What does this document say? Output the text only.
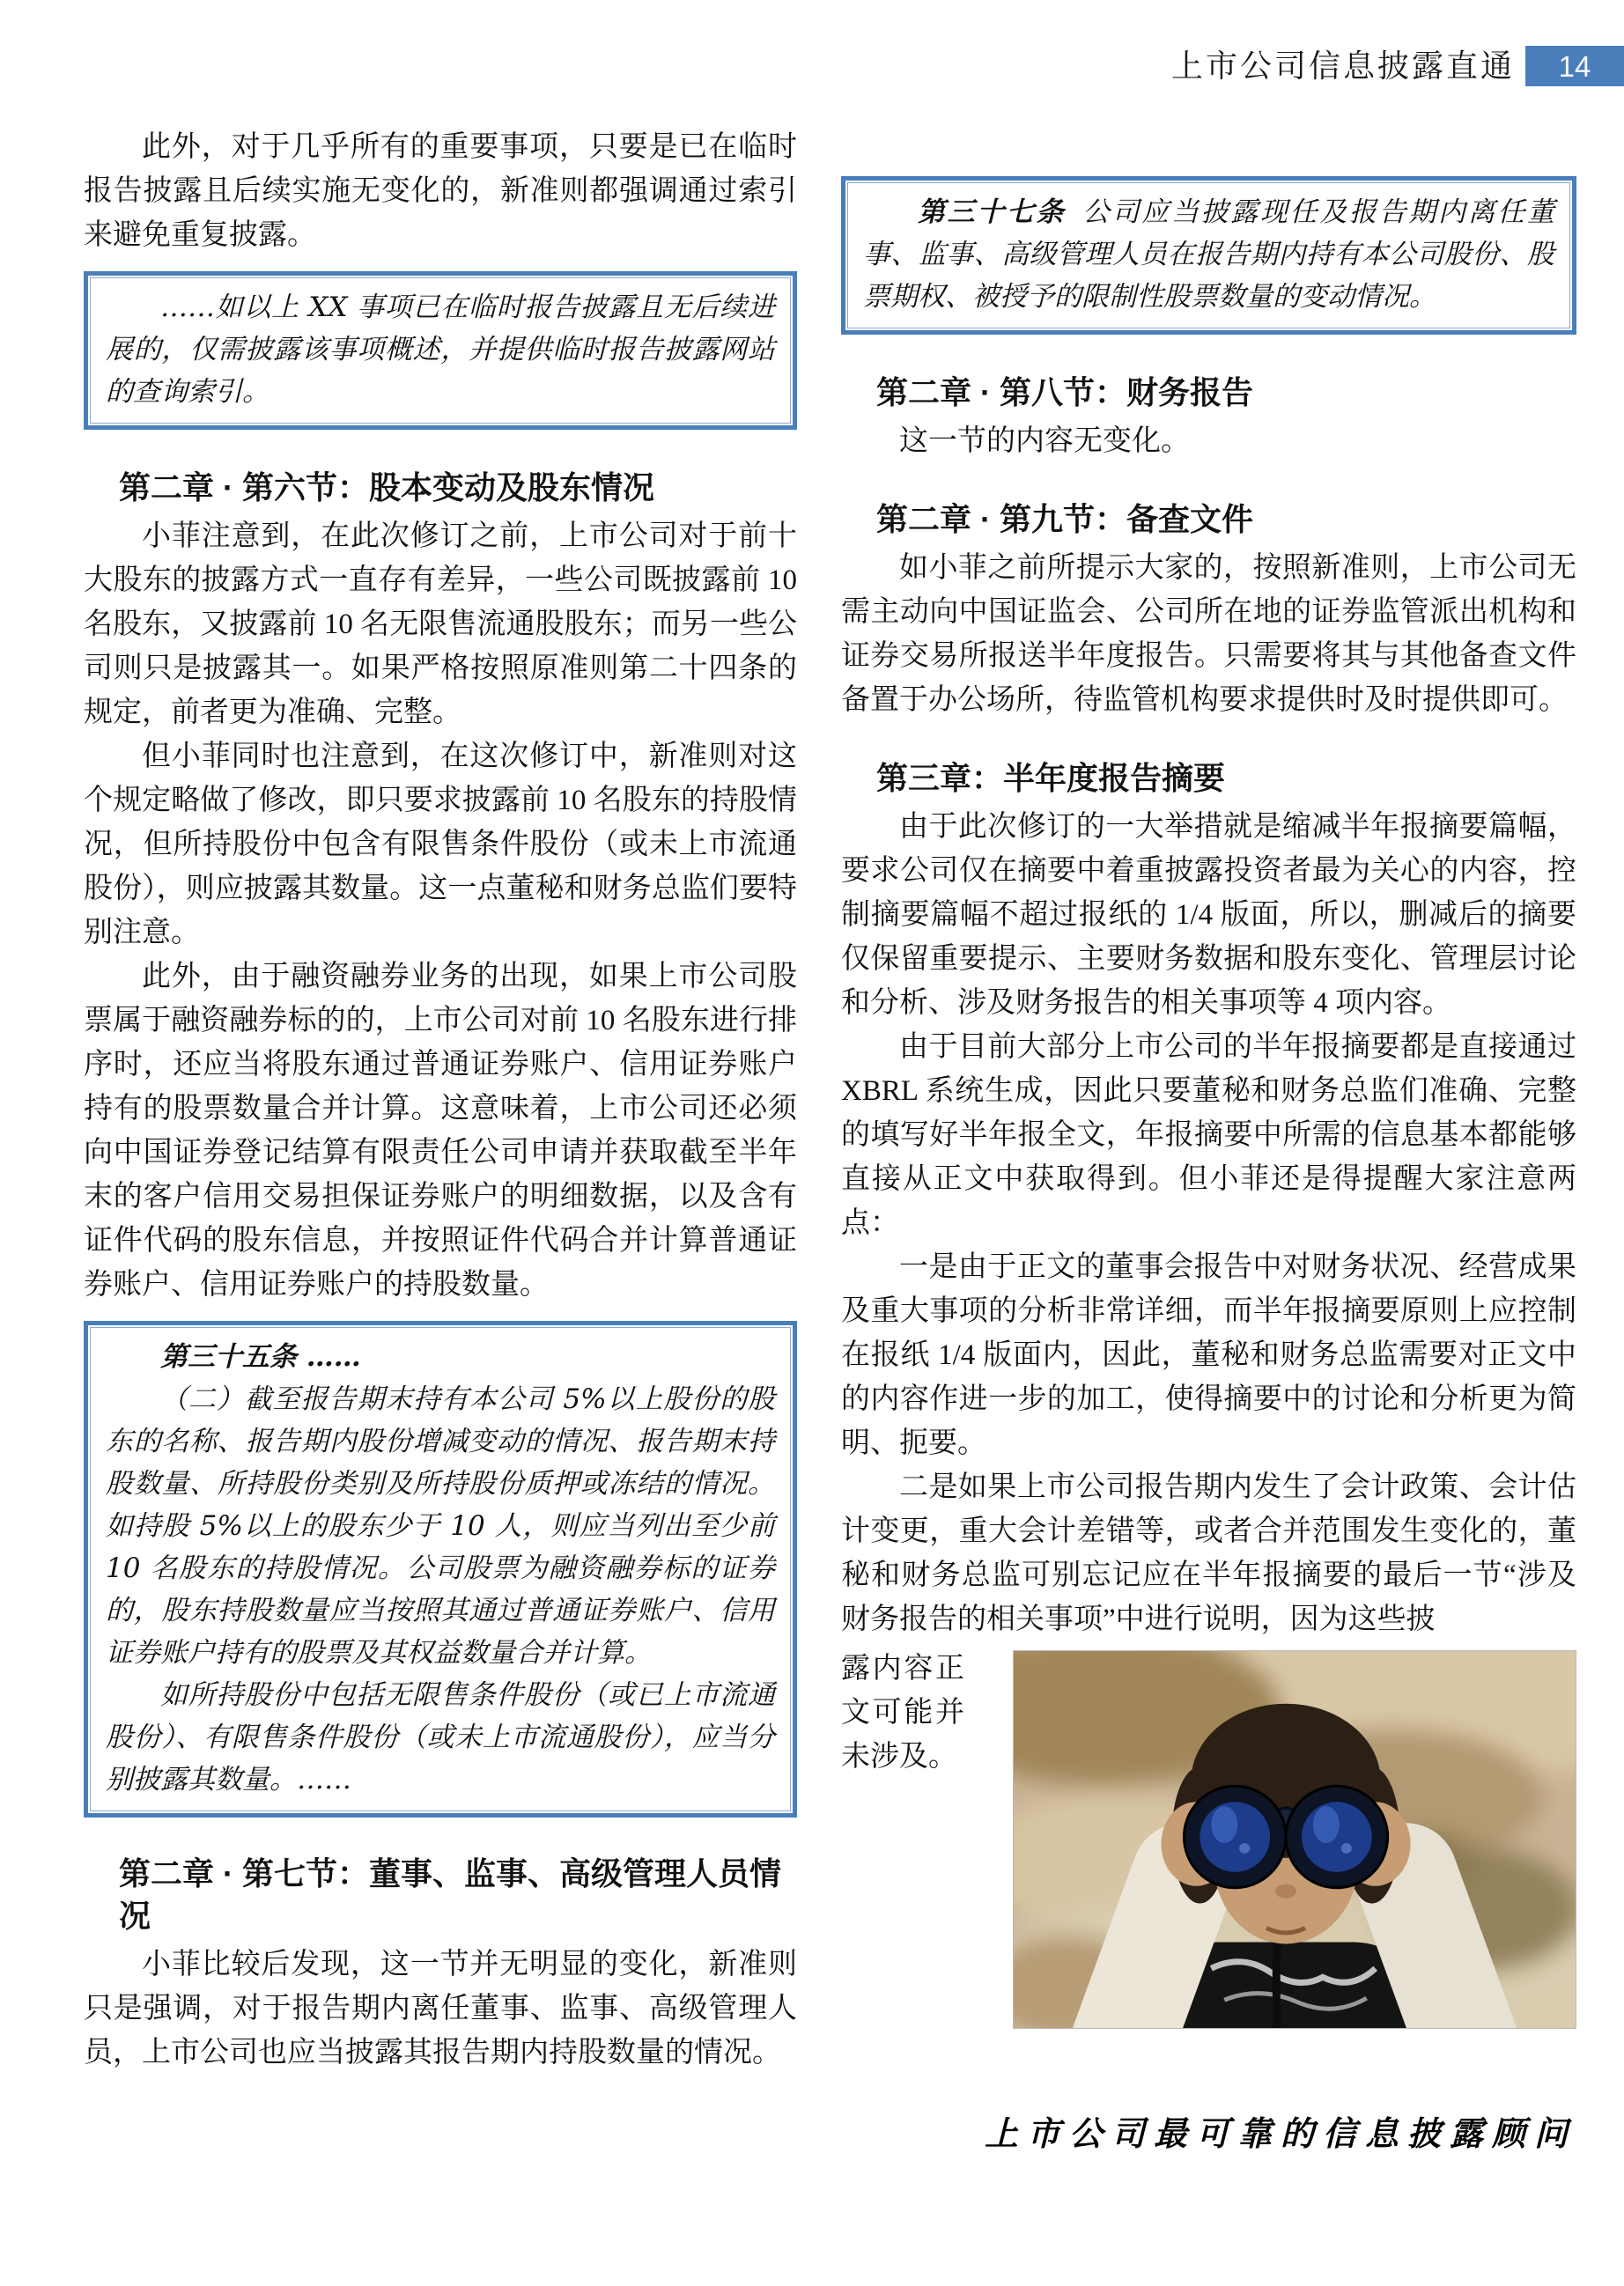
上市公司信息披露直通	14

此外，对于几乎所有的重要事项，只要是已在临时报告披露且后续实施无变化的，新准则都强调通过索引来避免重复披露。

……如以上 XX 事项已在临时报告披露且无后续进展的，仅需披露该事项概述，并提供临时报告披露网站的查询索引。

第二章 · 第六节：股本变动及股东情况

小菲注意到，在此次修订之前，上市公司对于前十大股东的披露方式一直存有差异，一些公司既披露前 10 名股东，又披露前 10 名无限售流通股股东；而另一些公司则只是披露其一。如果严格按照原准则第二十四条的规定，前者更为准确、完整。

但小菲同时也注意到，在这次修订中，新准则对这个规定略做了修改，即只要求披露前 10 名股东的持股情况，但所持股份中包含有限售条件股份（或未上市流通股份），则应披露其数量。这一点董秘和财务总监们要特别注意。

此外，由于融资融券业务的出现，如果上市公司股票属于融资融券标的的，上市公司对前 10 名股东进行排序时，还应当将股东通过普通证券账户、信用证券账户持有的股票数量合并计算。这意味着，上市公司还必须向中国证券登记结算有限责任公司申请并获取截至半年末的客户信用交易担保证券账户的明细数据，以及含有证件代码的股东信息，并按照证件代码合并计算普通证券账户、信用证券账户的持股数量。

第三十五条 ……

（二）截至报告期末持有本公司 5%以上股份的股东的名称、报告期内股份增减变动的情况、报告期末持股数量、所持股份类别及所持股份质押或冻结的情况。如持股 5%以上的股东少于 10 人，则应当列出至少前 10 名股东的持股情况。公司股票为融资融券标的证券的，股东持股数量应当按照其通过普通证券账户、信用证券账户持有的股票及其权益数量合并计算。

如所持股份中包括无限售条件股份（或已上市流通股份）、有限售条件股份（或未上市流通股份），应当分别披露其数量。……

第二章 · 第七节：董事、监事、高级管理人员情况

小菲比较后发现，这一节并无明显的变化，新准则只是强调，对于报告期内离任董事、监事、高级管理人员，上市公司也应当披露其报告期内持股数量的情况。

第三十七条 公司应当披露现任及报告期内离任董事、监事、高级管理人员在报告期内持有本公司股份、股票期权、被授予的限制性股票数量的变动情况。

第二章 · 第八节：财务报告

这一节的内容无变化。

第二章 · 第九节：备查文件

如小菲之前所提示大家的，按照新准则，上市公司无需主动向中国证监会、公司所在地的证券监管派出机构和证券交易所报送半年度报告。只需要将其与其他备查文件备置于办公场所，待监管机构要求提供时及时提供即可。

第三章：半年度报告摘要

由于此次修订的一大举措就是缩减半年报摘要篇幅，要求公司仅在摘要中着重披露投资者最为关心的内容，控制摘要篇幅不超过报纸的 1/4 版面，所以，删减后的摘要仅保留重要提示、主要财务数据和股东变化、管理层讨论和分析、涉及财务报告的相关事项等 4 项内容。

由于目前大部分上市公司的半年报摘要都是直接通过 XBRL 系统生成，因此只要董秘和财务总监们准确、完整的填写好半年报全文，年报摘要中所需的信息基本都能够直接从正文中获取得到。但小菲还是得提醒大家注意两点：

一是由于正文的董事会报告中对财务状况、经营成果及重大事项的分析非常详细，而半年报摘要原则上应控制在报纸 1/4 版面内，因此，董秘和财务总监需要对正文中的内容作进一步的加工，使得摘要中的讨论和分析更为简明、扼要。

二是如果上市公司报告期内发生了会计政策、会计估计变更，重大会计差错等，或者合并范围发生变化的，董秘和财务总监可别忘记应在半年报摘要的最后一节“涉及财务报告的相关事项”中进行说明，因为这些披

露内容正文可能并未涉及。

上市公司最可靠的信息披露顾问
